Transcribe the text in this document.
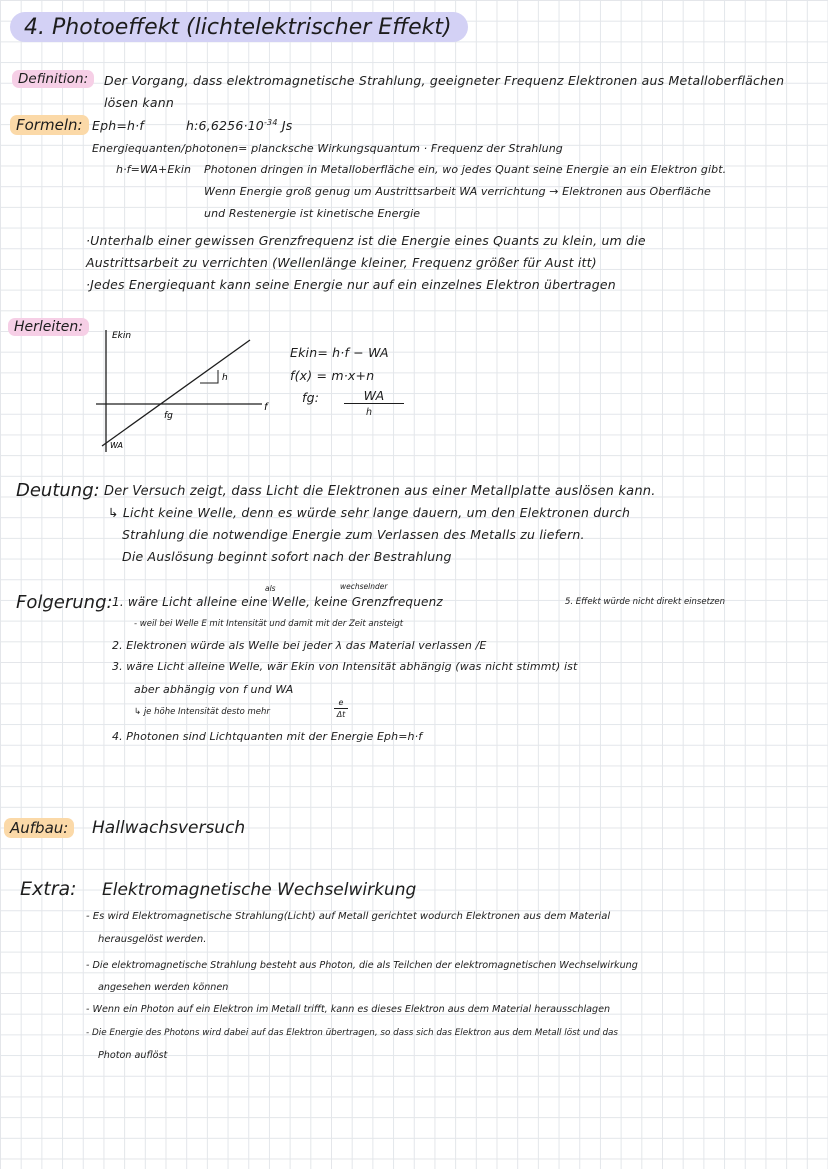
4. Photoeffekt (lichtelektrischer Effekt)
Definition:	Der Vorgang, dass elektromagnetische Strahlung, geeigneter Frequenz Elektronen aus Metalloberflächen
lösen kann
Formeln: Eph=h·f	$h:6,6256\cdot 10^{-34}$ Js
Energiequanten/photonen= plancksche Wirkungsquantum · Frequenz der Strahlung
h·f=WA+Ekin Photonen dringen in Metalloberfläche ein, wo jedes Quant seine Energie an ein Elektron gibt.
Wenn Energie groß genug um Austrittsarbeit WA verrichtung → Elektronen aus Oberfläche
und Restenergie ist kinetische Energie
·Unterhalb einer gewissen Grenzfrequenz ist die Energie eines Quants zu klein, um die
Austrittsarbeit zu verrichten (Wellenlänge kleiner, Frequenz größer für Aust itt)
·Jedes Energiequant kann seine Energie nur auf ein einzelnes Elektron übertragen
Herleiten:
Ekin
f
fg
WA
h
Ekin= h·f − WA
f(x) = m·x+n
fg:	WA
h
Deutung: Der Versuch zeigt, dass Licht die Elektronen aus einer Metallplatte auslösen kann.
↳ Licht keine Welle, denn es würde sehr lange dauern, um den Elektronen durch
Strahlung die notwendige Energie zum Verlassen des Metalls zu liefern.
Die Auslösung beginnt sofort nach der Bestrahlung
als	wechselnder
Folgerung: 1. wäre Licht alleine eine Welle, keine Grenzfrequenz	5. Effekt würde nicht direkt einsetzen
- weil bei Welle E mit Intensität und damit mit der Zeit ansteigt
2. Elektronen würde als Welle bei jeder λ das Material verlassen /E
3. wäre Licht alleine Welle, wär Ekin von Intensität abhängig (was nicht stimmt) ist
aber abhängig von f und WA
↳ je höhe Intensität desto mehr
e
Δt
4. Photonen sind Lichtquanten mit der Energie Eph=h·f
Aufbau:	Hallwachsversuch
Extra: Elektromagnetische Wechselwirkung
- Es wird Elektromagnetische Strahlung(Licht) auf Metall gerichtet wodurch Elektronen aus dem Material
herausgelöst werden.
- Die elektromagnetische Strahlung besteht aus Photon, die als Teilchen der elektromagnetischen Wechselwirkung
angesehen werden können
- Wenn ein Photon auf ein Elektron im Metall trifft, kann es dieses Elektron aus dem Material herausschlagen
- Die Energie des Photons wird dabei auf das Elektron übertragen, so dass sich das Elektron aus dem Metall löst und das
Photon auflöst
